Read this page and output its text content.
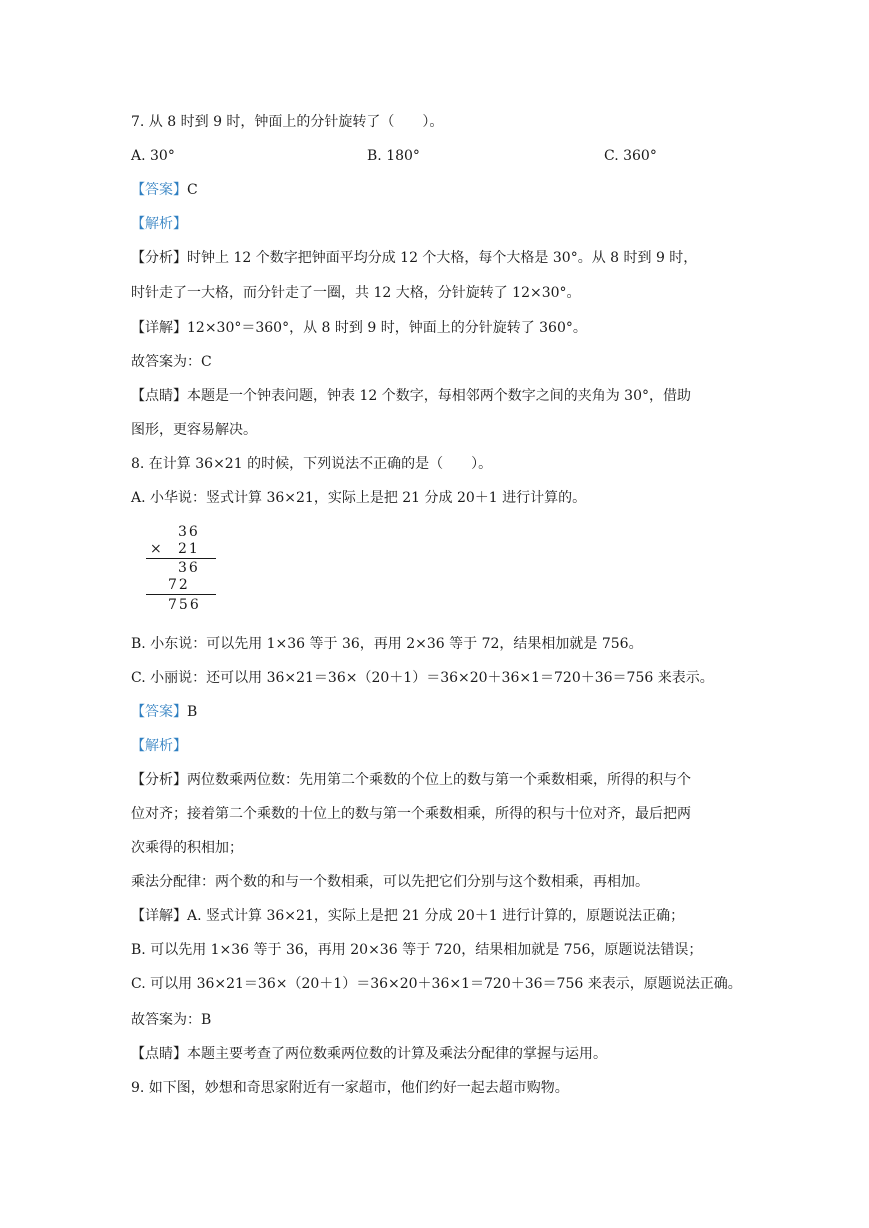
7. 从 8 时到 9 时，钟面上的分针旋转了（　　）。
A. 30°	B. 180°	C. 360°
【答案】C
【解析】
【分析】时钟上 12 个数字把钟面平均分成 12 个大格，每个大格是 30°。从 8 时到 9 时，
时针走了一大格，而分针走了一圈，共 12 大格，分针旋转了 12×30°。
【详解】12×30°＝360°，从 8 时到 9 时，钟面上的分针旋转了 360°。
故答案为：C
【点睛】本题是一个钟表问题，钟表 12 个数字，每相邻两个数字之间的夹角为 30°，借助
图形，更容易解决。
8. 在计算 36×21 的时候，下列说法不正确的是（　　）。
A. 小华说：竖式计算 36×21，实际上是把 21 分成 20＋1 进行计算的。
36
× 21
36
72
756
B. 小东说：可以先用 1×36 等于 36，再用 2×36 等于 72，结果相加就是 756。
C. 小丽说：还可以用 36×21＝36×（20＋1）＝36×20＋36×1＝720＋36＝756 来表示。
【答案】B
【解析】
【分析】两位数乘两位数：先用第二个乘数的个位上的数与第一个乘数相乘，所得的积与个
位对齐；接着第二个乘数的十位上的数与第一个乘数相乘，所得的积与十位对齐，最后把两
次乘得的积相加；
乘法分配律：两个数的和与一个数相乘，可以先把它们分别与这个数相乘，再相加。
【详解】A. 竖式计算 36×21，实际上是把 21 分成 20＋1 进行计算的，原题说法正确；
B. 可以先用 1×36 等于 36，再用 20×36 等于 720，结果相加就是 756，原题说法错误；
C. 可以用 36×21＝36×（20＋1）＝36×20＋36×1＝720＋36＝756 来表示，原题说法正确。
故答案为：B
【点睛】本题主要考查了两位数乘两位数的计算及乘法分配律的掌握与运用。
9. 如下图，妙想和奇思家附近有一家超市，他们约好一起去超市购物。
